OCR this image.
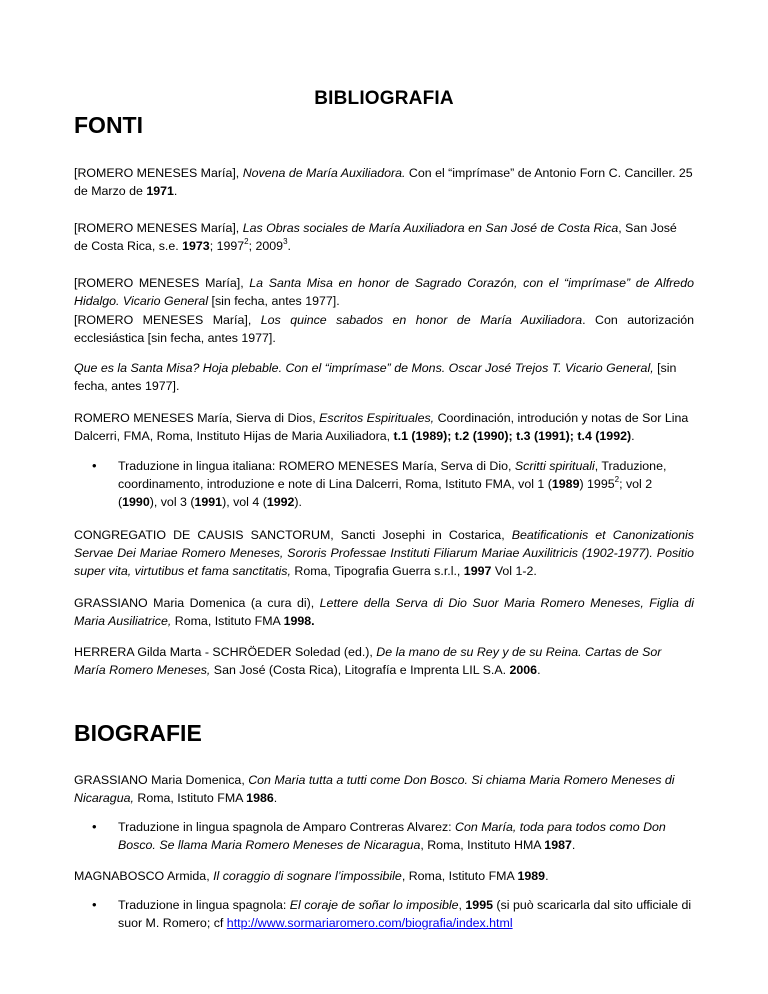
BIBLIOGRAFIA
FONTI

[ROMERO MENESES María], Novena de María Auxiliadora. Con el “imprímase” de Antonio Forn C. Canciller. 25 de Marzo de 1971.

[ROMERO MENESES María], Las Obras sociales de María Auxiliadora en San José de Costa Rica, San José de Costa Rica, s.e. 1973; 1997$^2$; 2009$^3$.

[ROMERO MENESES María], La Santa Misa en honor de Sagrado Corazón, con el “imprímase” de Alfredo Hidalgo. Vicario General [sin fecha, antes 1977].

[ROMERO MENESES María], Los quince sabados en honor de María Auxiliadora. Con autorización ecclesiástica [sin fecha, antes 1977].

Que es la Santa Misa? Hoja plebable. Con el “imprímase” de Mons. Oscar José Trejos T. Vicario General, [sin fecha, antes 1977].

ROMERO MENESES María, Sierva di Dios, Escritos Espirituales, Coordinación, introdución y notas de Sor Lina Dalcerri, FMA, Roma, Instituto Hijas de Maria Auxiliadora, t.1 (1989); t.2 (1990); t.3 (1991); t.4 (1992).

• Traduzione in lingua italiana: ROMERO MENESES María, Serva di Dio, Scritti spirituali, Traduzione, coordinamento, introduzione e note di Lina Dalcerri, Roma, Istituto FMA, vol 1 (1989) 1995$^2$; vol 2 (1990), vol 3 (1991), vol 4 (1992).

CONGREGATIO DE CAUSIS SANCTORUM, Sancti Josephi in Costarica, Beatificationis et Canonizationis Servae Dei Mariae Romero Meneses, Sororis Professae Instituti Filiarum Mariae Auxilitricis (1902-1977). Positio super vita, virtutibus et fama sanctitatis, Roma, Tipografia Guerra s.r.l., 1997 Vol 1-2.

GRASSIANO Maria Domenica (a cura di), Lettere della Serva di Dio Suor Maria Romero Meneses, Figlia di Maria Ausiliatrice, Roma, Istituto FMA 1998.

HERRERA Gilda Marta - SCHRÖEDER Soledad (ed.), De la mano de su Rey y de su Reina. Cartas de Sor María Romero Meneses, San José (Costa Rica), Litografía e Imprenta LIL S.A. 2006.

BIOGRAFIE

GRASSIANO Maria Domenica, Con Maria tutta a tutti come Don Bosco. Si chiama Maria Romero Meneses di Nicaragua, Roma, Istituto FMA 1986.

• Traduzione in lingua spagnola de Amparo Contreras Alvarez: Con María, toda para todos como Don Bosco. Se llama Maria Romero Meneses de Nicaragua, Roma, Instituto HMA 1987.

MAGNABOSCO Armida, Il coraggio di sognare l’impossibile, Roma, Istituto FMA 1989.

• Traduzione in lingua spagnola: El coraje de soñar lo imposible, 1995 (si può scaricarla dal sito ufficiale di suor M. Romero; cf http://www.sormariaromero.com/biografia/index.html
